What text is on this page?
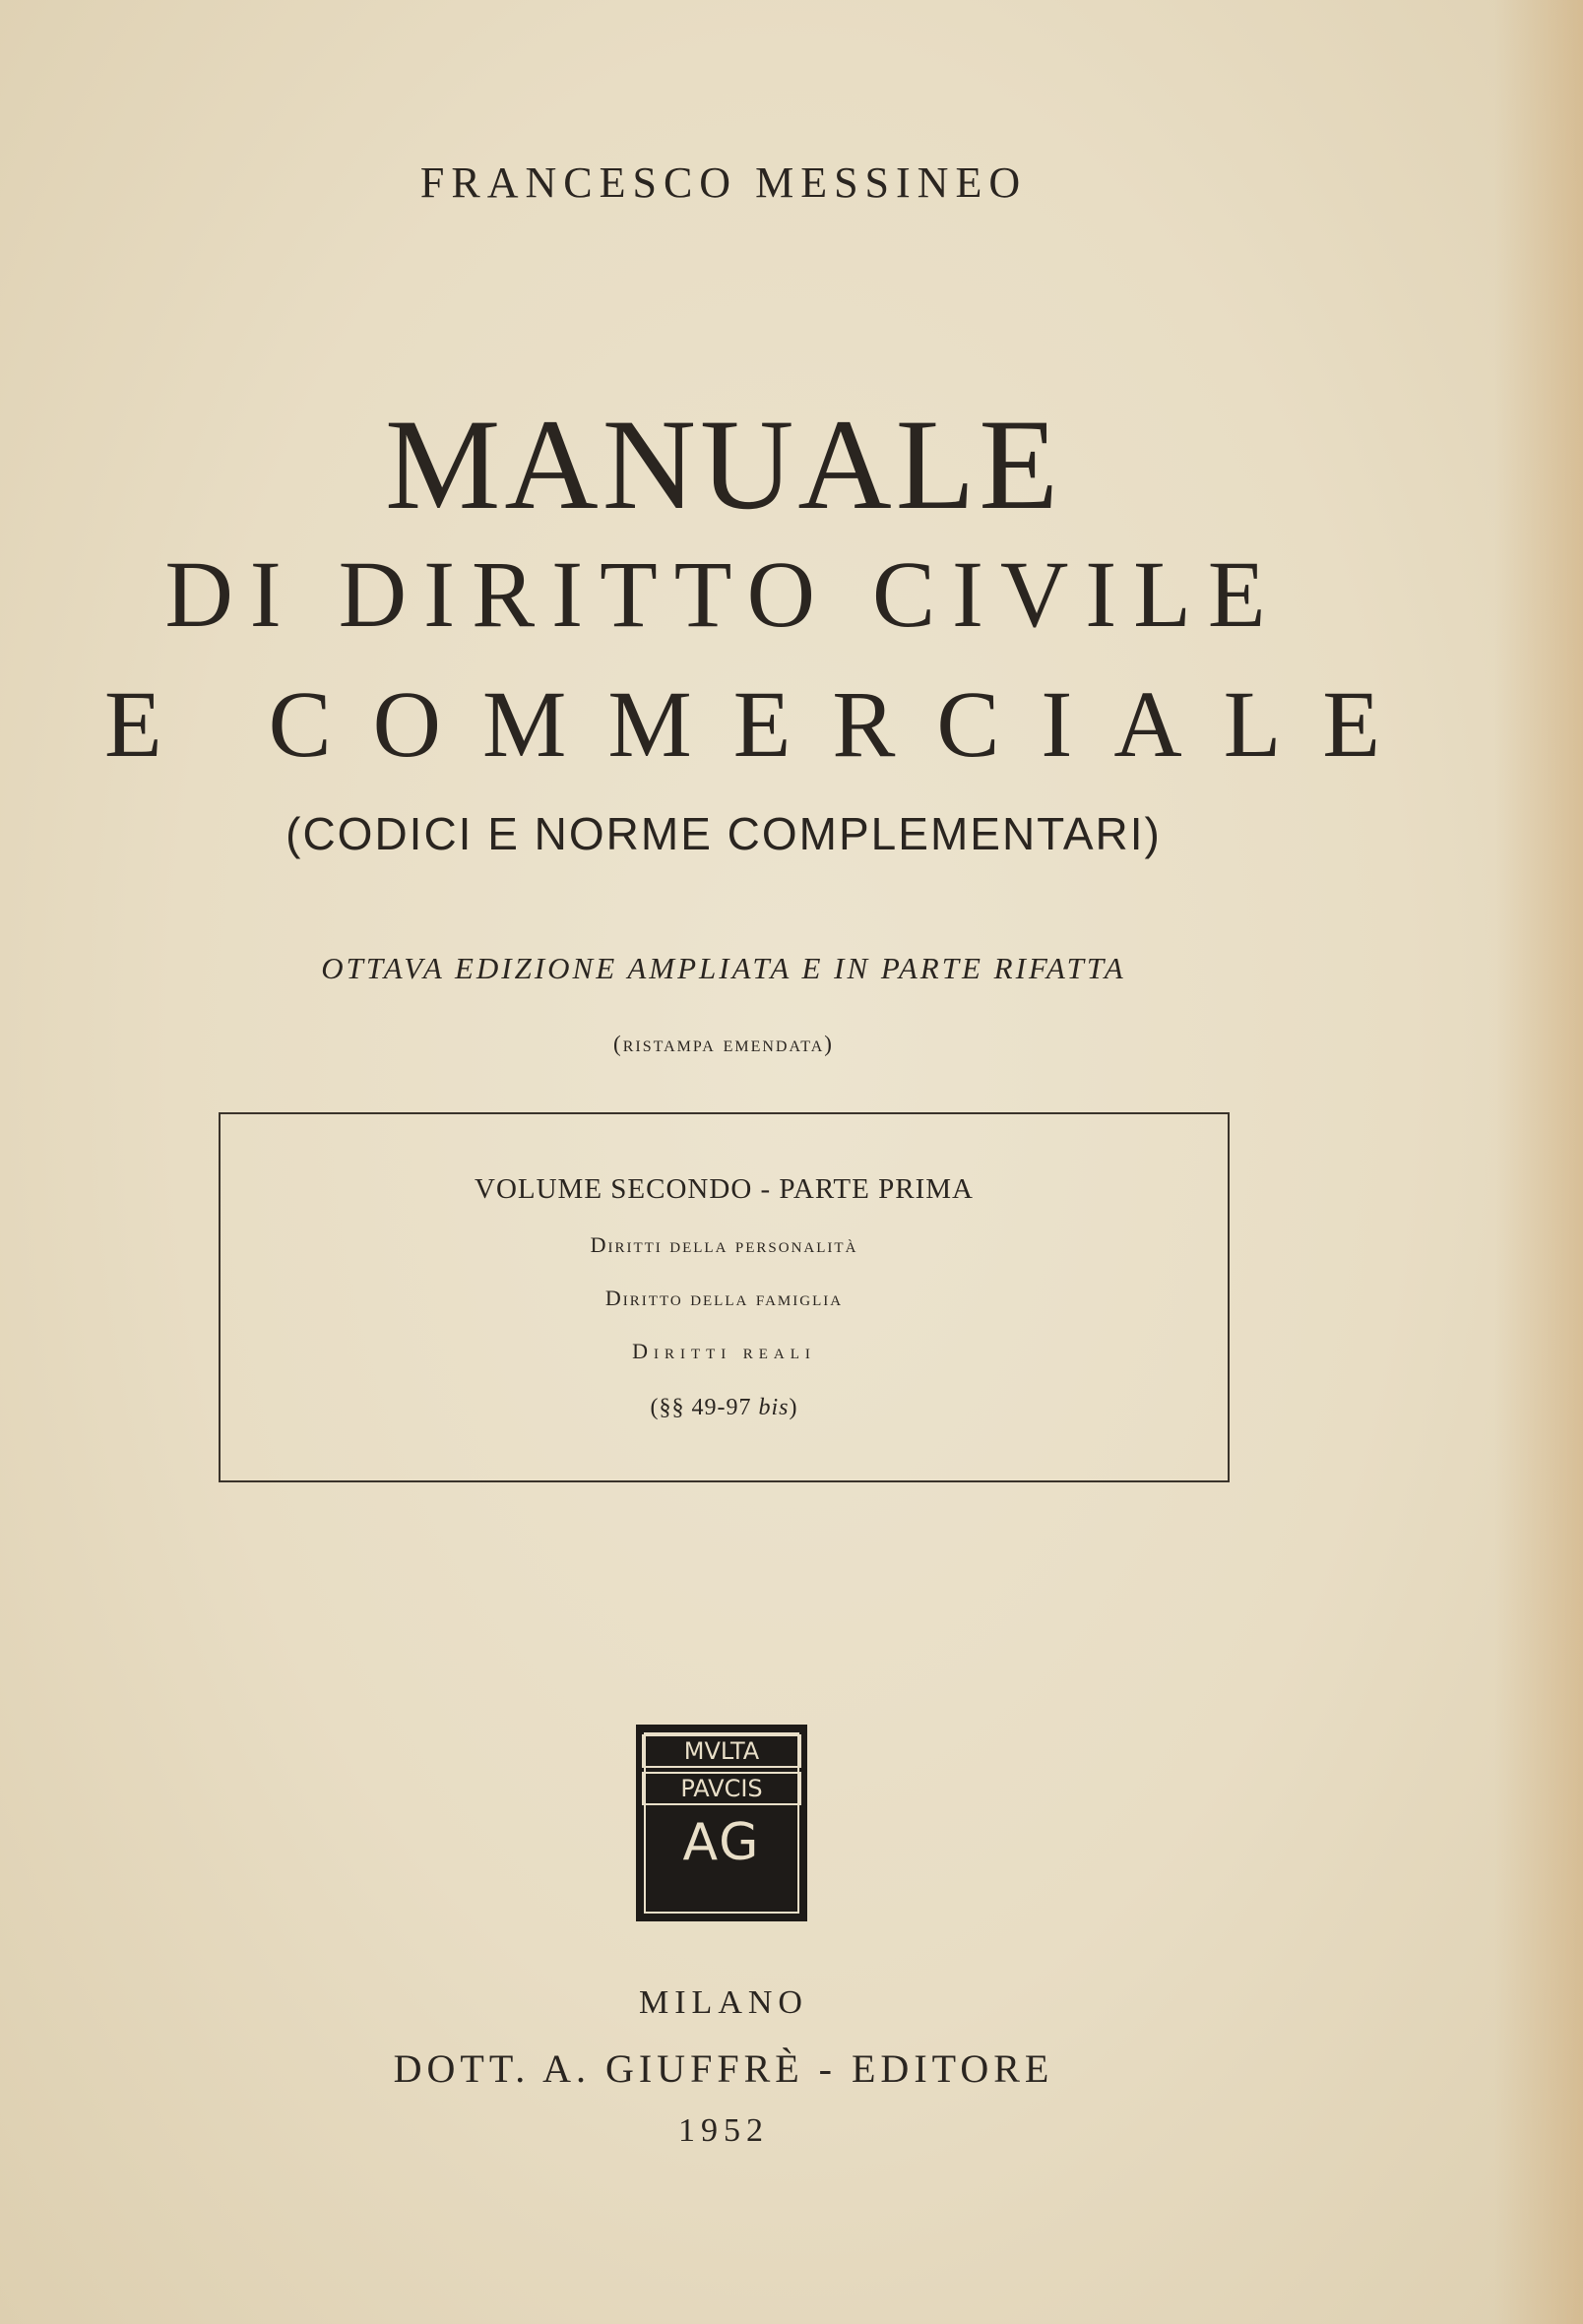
FRANCESCO MESSINEO
MANUALE
DI DIRITTO CIVILE
E COMMERCIALE
(CODICI E NORME COMPLEMENTARI)
OTTAVA EDIZIONE AMPLIATA E IN PARTE RIFATTA
(ristampa emendata)
VOLUME SECONDO - PARTE PRIMA
Diritti della personalità
Diritto della famiglia
Diritti reali
(§§ 49-97 bis)
MVLTA
PAVCIS
AG
MILANO
DOTT. A. GIUFFRÈ - EDITORE
1952
